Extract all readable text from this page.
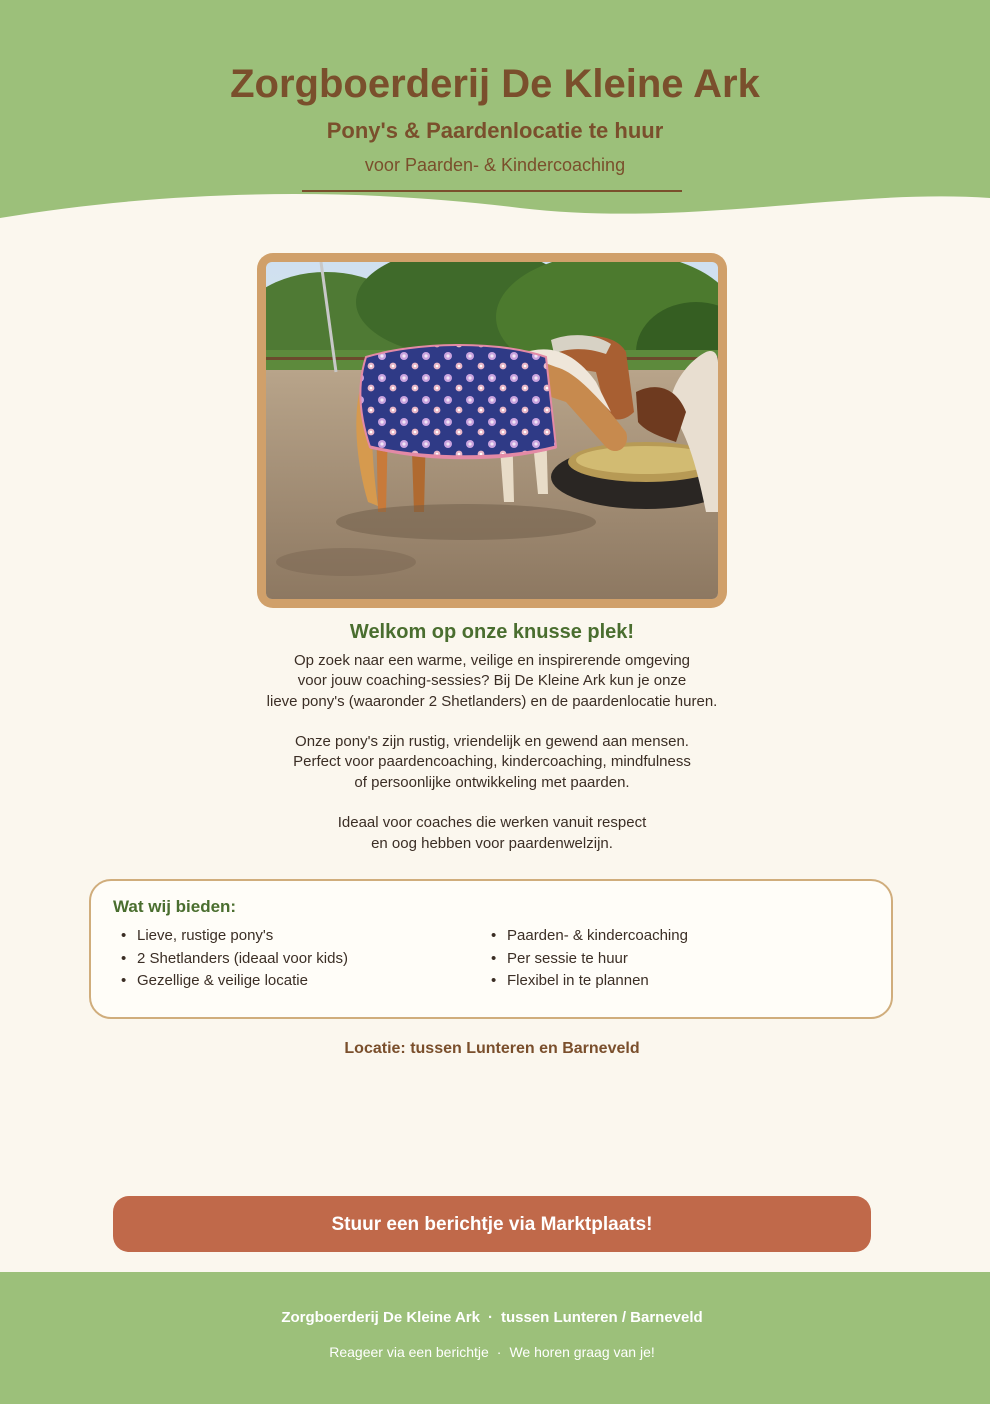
Zorgboerderij De Kleine Ark
Pony's & Paardenlocatie te huur
voor Paarden- & Kindercoaching
Welkom op onze knusse plek!

Op zoek naar een warme, veilige en inspirerende omgeving
voor jouw coaching-sessies? Bij De Kleine Ark kun je onze
lieve pony's (waaronder 2 Shetlanders) en de paardenlocatie huren.

Onze pony's zijn rustig, vriendelijk en gewend aan mensen.
Perfect voor paardencoaching, kindercoaching, mindfulness
of persoonlijke ontwikkeling met paarden.

Ideaal voor coaches die werken vanuit respect
en oog hebben voor paardenwelzijn.

Wat wij bieden:
• Lieve, rustige pony's
• 2 Shetlanders (ideaal voor kids)
• Gezellige & veilige locatie
• Paarden- & kindercoaching
• Per sessie te huur
• Flexibel in te plannen
Locatie: tussen Lunteren en Barneveld
Stuur een berichtje via Marktplaats!
Zorgboerderij De Kleine Ark · tussen Lunteren / Barneveld
Reageer via een berichtje · We horen graag van je!
